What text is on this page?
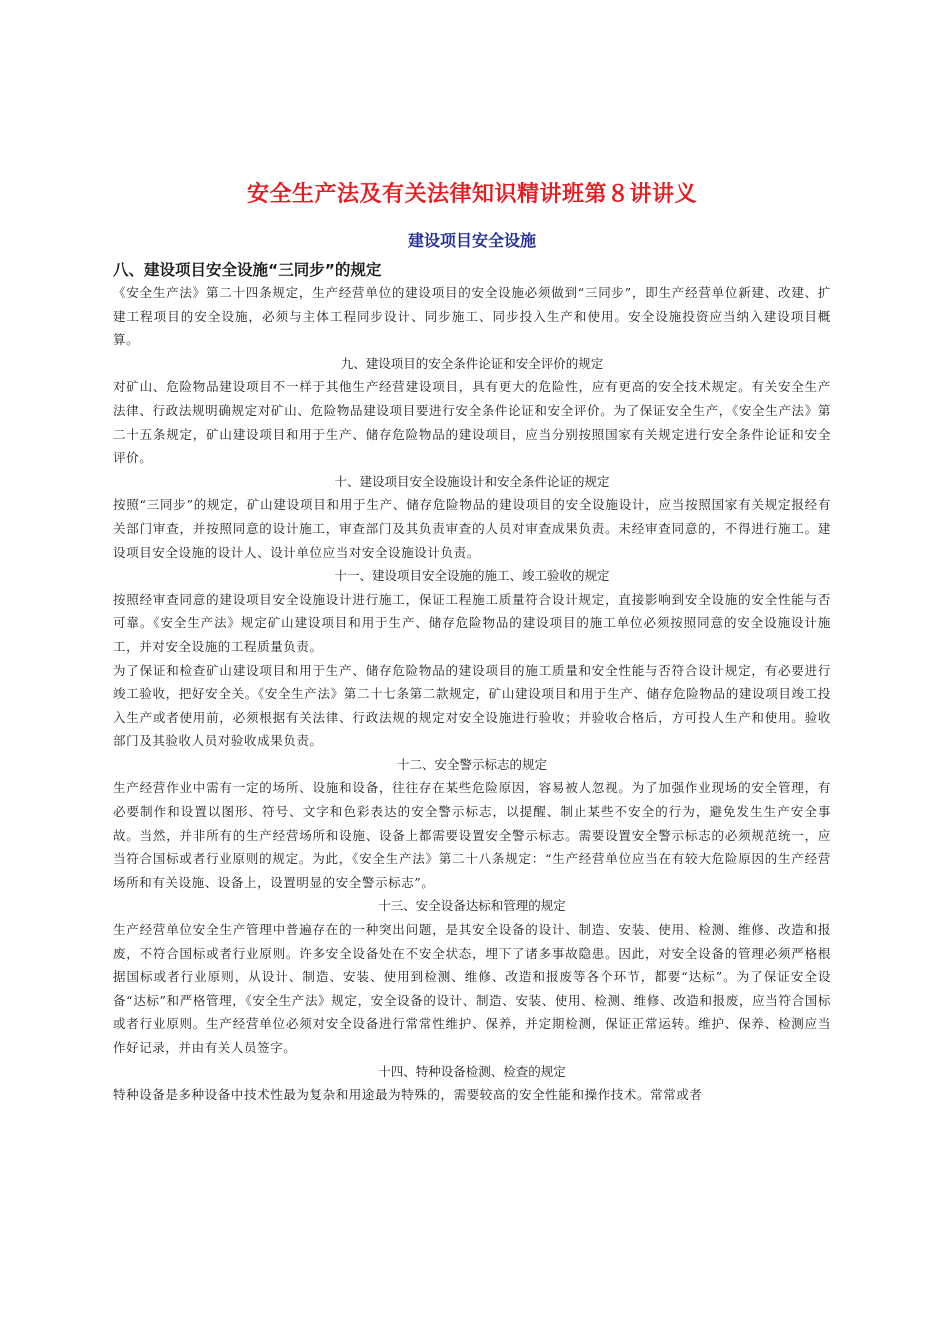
安全生产法及有关法律知识精讲班第８讲讲义
建设项目安全设施
八、建设项目安全设施“三同步”的规定

《安全生产法》第二十四条规定，生产经营单位的建设项目的安全设施必须做到“三同步”，即生产经营单位新建、改建、扩建工程项目的安全设施，必须与主体工程同步设计、同步施工、同步投入生产和使用。安全设施投资应当纳入建设项目概算。

九、建设项目的安全条件论证和安全评价的规定

对矿山、危险物品建设项目不一样于其他生产经营建设项目，具有更大的危险性，应有更高的安全技术规定。有关安全生产法律、行政法规明确规定对矿山、危险物品建设项目要进行安全条件论证和安全评价。为了保证安全生产，《安全生产法》第二十五条规定，矿山建设项目和用于生产、储存危险物品的建设项目，应当分别按照国家有关规定进行安全条件论证和安全评价。

十、建设项目安全设施设计和安全条件论证的规定

按照“三同步”的规定，矿山建设项目和用于生产、储存危险物品的建设项目的安全设施设计，应当按照国家有关规定报经有关部门审查，并按照同意的设计施工，审查部门及其负责审查的人员对审查成果负责。未经审查同意的，不得进行施工。建设项目安全设施的设计人、设计单位应当对安全设施设计负责。

十一、建设项目安全设施的施工、竣工验收的规定

按照经审查同意的建设项目安全设施设计进行施工，保证工程施工质量符合设计规定，直接影响到安全设施的安全性能与否可靠。《安全生产法》规定矿山建设项目和用于生产、储存危险物品的建设项目的施工单位必须按照同意的安全设施设计施工，并对安全设施的工程质量负责。

为了保证和检查矿山建设项目和用于生产、储存危险物品的建设项目的施工质量和安全性能与否符合设计规定，有必要进行竣工验收，把好安全关。《安全生产法》第二十七条第二款规定，矿山建设项目和用于生产、储存危险物品的建设项目竣工投入生产或者使用前，必须根据有关法律、行政法规的规定对安全设施进行验收；并验收合格后，方可投人生产和使用。验收部门及其验收人员对验收成果负责。

十二、安全警示标志的规定

生产经营作业中需有一定的场所、设施和设备，往往存在某些危险原因，容易被人忽视。为了加强作业现场的安全管理，有必要制作和设置以图形、符号、文字和色彩表达的安全警示标志，以提醒、制止某些不安全的行为，避免发生生产安全事故。当然，并非所有的生产经营场所和设施、设备上都需要设置安全警示标志。需要设置安全警示标志的必须规范统一，应当符合国标或者行业原则的规定。为此，《安全生产法》第二十八条规定：“生产经营单位应当在有较大危险原因的生产经营场所和有关设施、设备上，设置明显的安全警示标志”。

十三、安全设备达标和管理的规定

生产经营单位安全生产管理中普遍存在的一种突出问题，是其安全设备的设计、制造、安装、使用、检测、维修、改造和报废，不符合国标或者行业原则。许多安全设备处在不安全状态，埋下了诸多事故隐患。因此，对安全设备的管理必须严格根据国标或者行业原则，从设计、制造、安装、使用到检测、维修、改造和报废等各个环节，都要“达标”。为了保证安全设备“达标”和严格管理，《安全生产法》规定，安全设备的设计、制造、安装、使用、检测、维修、改造和报废，应当符合国标或者行业原则。生产经营单位必须对安全设备进行常常性维护、保养，并定期检测，保证正常运转。维护、保养、检测应当作好记录，并由有关人员签字。

十四、特种设备检测、检查的规定

特种设备是多种设备中技术性最为复杂和用途最为特殊的，需要较高的安全性能和操作技术。常常或者
